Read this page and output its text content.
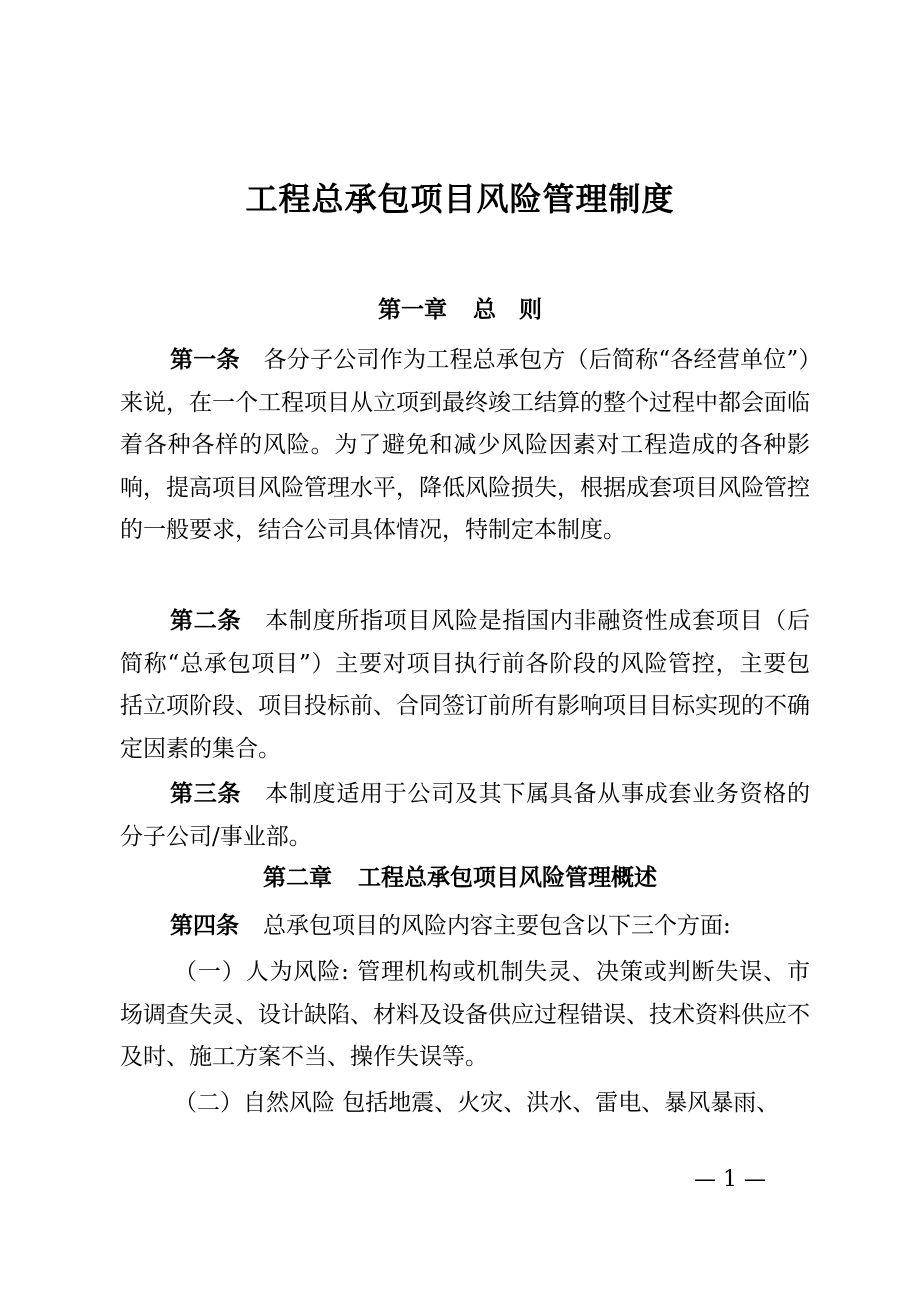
工程总承包项目风险管理制度
第一章 总　则

第一条 各分子公司作为工程总承包方（后简称“各经营单位”）来说，在一个工程项目从立项到最终竣工结算的整个过程中都会面临着各种各样的风险。为了避免和减少风险因素对工程造成的各种影响，提高项目风险管理水平，降低风险损失，根据成套项目风险管控的一般要求，结合公司具体情况，特制定本制度。

第二条 本制度所指项目风险是指国内非融资性成套项目（后简称“总承包项目”）主要对项目执行前各阶段的风险管控，主要包括立项阶段、项目投标前、合同签订前所有影响项目目标实现的不确定因素的集合。

第三条 本制度适用于公司及其下属具备从事成套业务资格的分子公司/事业部。

第二章 工程总承包项目风险管理概述

第四条 总承包项目的风险内容主要包含以下三个方面:

（一）人为风险: 管理机构或机制失灵、决策或判断失误、市场调查失灵、设计缺陷、材料及设备供应过程错误、技术资料供应不及时、施工方案不当、操作失误等。

（二）自然风险 包括地震、火灾、洪水、雷电、暴风暴雨、

— 1 —
